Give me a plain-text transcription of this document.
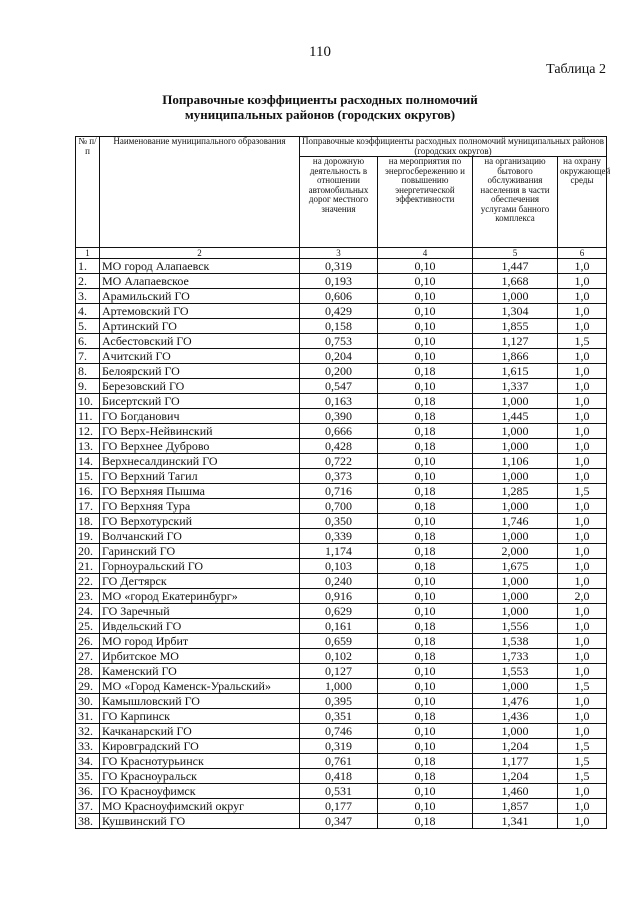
110
Таблица 2
Поправочные коэффициенты расходных полномочий
муниципальных районов (городских округов)
№ п/п	Наименование муниципального образования	Поправочные коэффициенты расходных полномочий муниципальных районов (городских округов)			
		на дорожную деятельность в отношении автомобильных дорог местного значения	на мероприятия по энергосбережению и повышению энергетической эффективности	на организацию бытового обслуживания населения в части обеспечения услугами банного комплекса	на охрану окружающей среды
1	2	3	4	5	6
1.	МО город Алапаевск	0,319	0,10	1,447	1,0
2.	МО Алапаевское	0,193	0,10	1,668	1,0
3.	Арамильский ГО	0,606	0,10	1,000	1,0
4.	Артемовский ГО	0,429	0,10	1,304	1,0
5.	Артинский ГО	0,158	0,10	1,855	1,0
6.	Асбестовский ГО	0,753	0,10	1,127	1,5
7.	Ачитский ГО	0,204	0,10	1,866	1,0
8.	Белоярский ГО	0,200	0,18	1,615	1,0
9.	Березовский ГО	0,547	0,10	1,337	1,0
10.	Бисертский ГО	0,163	0,18	1,000	1,0
11.	ГО Богданович	0,390	0,18	1,445	1,0
12.	ГО Верх-Нейвинский	0,666	0,18	1,000	1,0
13.	ГО Верхнее Дуброво	0,428	0,18	1,000	1,0
14.	Верхнесалдинский ГО	0,722	0,10	1,106	1,0
15.	ГО Верхний Тагил	0,373	0,10	1,000	1,0
16.	ГО Верхняя Пышма	0,716	0,18	1,285	1,5
17.	ГО Верхняя Тура	0,700	0,18	1,000	1,0
18.	ГО Верхотурский	0,350	0,10	1,746	1,0
19.	Волчанский ГО	0,339	0,18	1,000	1,0
20.	Гаринский ГО	1,174	0,18	2,000	1,0
21.	Горноуральский ГО	0,103	0,18	1,675	1,0
22.	ГО Дегтярск	0,240	0,10	1,000	1,0
23.	МО «город Екатеринбург»	0,916	0,10	1,000	2,0
24.	ГО Заречный	0,629	0,10	1,000	1,0
25.	Ивдельский ГО	0,161	0,18	1,556	1,0
26.	МО город Ирбит	0,659	0,18	1,538	1,0
27.	Ирбитское МО	0,102	0,18	1,733	1,0
28.	Каменский ГО	0,127	0,10	1,553	1,0
29.	МО «Город Каменск-Уральский»	1,000	0,10	1,000	1,5
30.	Камышловский ГО	0,395	0,10	1,476	1,0
31.	ГО Карпинск	0,351	0,18	1,436	1,0
32.	Качканарский ГО	0,746	0,10	1,000	1,0
33.	Кировградский ГО	0,319	0,10	1,204	1,5
34.	ГО Краснотурьинск	0,761	0,18	1,177	1,5
35.	ГО Красноуральск	0,418	0,18	1,204	1,5
36.	ГО Красноуфимск	0,531	0,10	1,460	1,0
37.	МО Красноуфимский округ	0,177	0,10	1,857	1,0
38.	Кушвинский ГО	0,347	0,18	1,341	1,0
